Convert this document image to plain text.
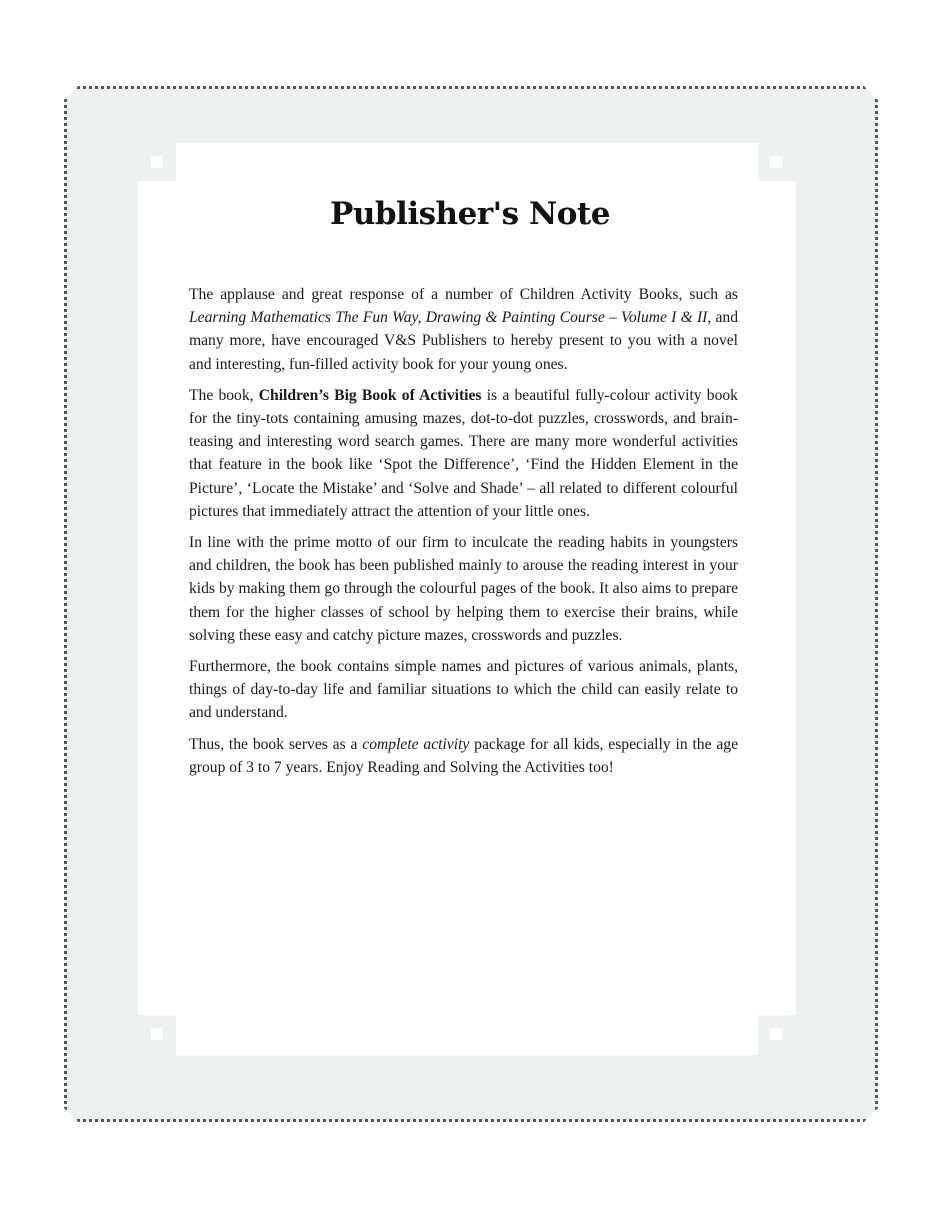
Publisher's Note

The applause and great response of a number of Children Activity Books, such as Learning Mathematics The Fun Way, Drawing & Painting Course – Volume I & II, and many more, have encouraged V&S Publishers to hereby present to you with a novel and interesting, fun-filled activity book for your young ones.

The book, Children’s Big Book of Activities is a beautiful fully-colour activity book for the tiny-tots containing amusing mazes, dot-to-dot puzzles, crosswords, and brain-teasing and interesting word search games. There are many more wonderful activities that feature in the book like ‘Spot the Difference’, ‘Find the Hidden Element in the Picture’, ‘Locate the Mistake’ and ‘Solve and Shade’ – all related to different colourful pictures that immediately attract the attention of your little ones.

In line with the prime motto of our firm to inculcate the reading habits in youngsters and children, the book has been published mainly to arouse the reading interest in your kids by making them go through the colourful pages of the book. It also aims to prepare them for the higher classes of school by helping them to exercise their brains, while solving these easy and catchy picture mazes, crosswords and puzzles.

Furthermore, the book contains simple names and pictures of various animals, plants, things of day-to-day life and familiar situations to which the child can easily relate to and understand.

Thus, the book serves as a complete activity package for all kids, especially in the age group of 3 to 7 years. Enjoy Reading and Solving the Activities too!
